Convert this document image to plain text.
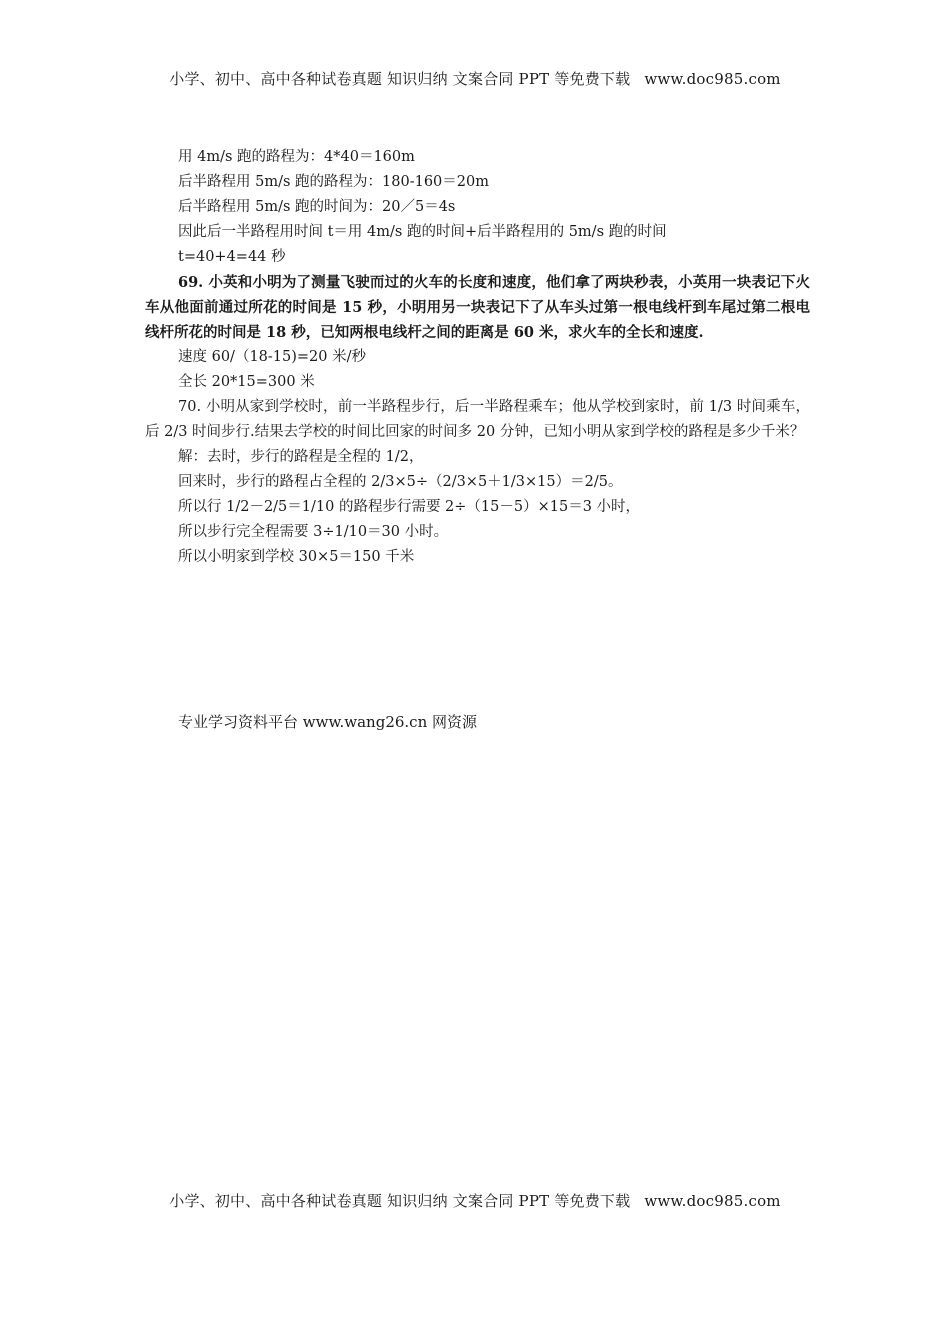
小学、初中、高中各种试卷真题 知识归纳 文案合同 PPT 等免费下载 www.doc985.com
用 4m/s 跑的路程为：4*40＝160m
后半路程用 5m/s 跑的路程为：180-160＝20m
后半路程用 5m/s 跑的时间为：20／5＝4s
因此后一半路程用时间 t＝用 4m/s 跑的时间+后半路程用的 5m/s 跑的时间
t=40+4=44 秒

69. 小英和小明为了测量飞驶而过的火车的长度和速度，他们拿了两块秒表，小英用一块表记下火车从他面前通过所花的时间是 15 秒，小明用另一块表记下了从车头过第一根电线杆到车尾过第二根电线杆所花的时间是 18 秒，已知两根电线杆之间的距离是 60 米，求火车的全长和速度.

速度 60/（18-15)=20 米/秒
全长 20*15=300 米

70. 小明从家到学校时，前一半路程步行，后一半路程乘车；他从学校到家时，前 1/3 时间乘车，后 2/3 时间步行.结果去学校的时间比回家的时间多 20 分钟，已知小明从家到学校的路程是多少千米？

解：去时，步行的路程是全程的 1/2，
回来时，步行的路程占全程的 2/3×5÷（2/3×5＋1/3×15）＝2/5。
所以行 1/2－2/5＝1/10 的路程步行需要 2÷（15－5）×15＝3 小时，
所以步行完全程需要 3÷1/10＝30 小时。
所以小明家到学校 30×5＝150 千米
专业学习资料平台 www.wang26.cn 网资源
小学、初中、高中各种试卷真题 知识归纳 文案合同 PPT 等免费下载 www.doc985.com
